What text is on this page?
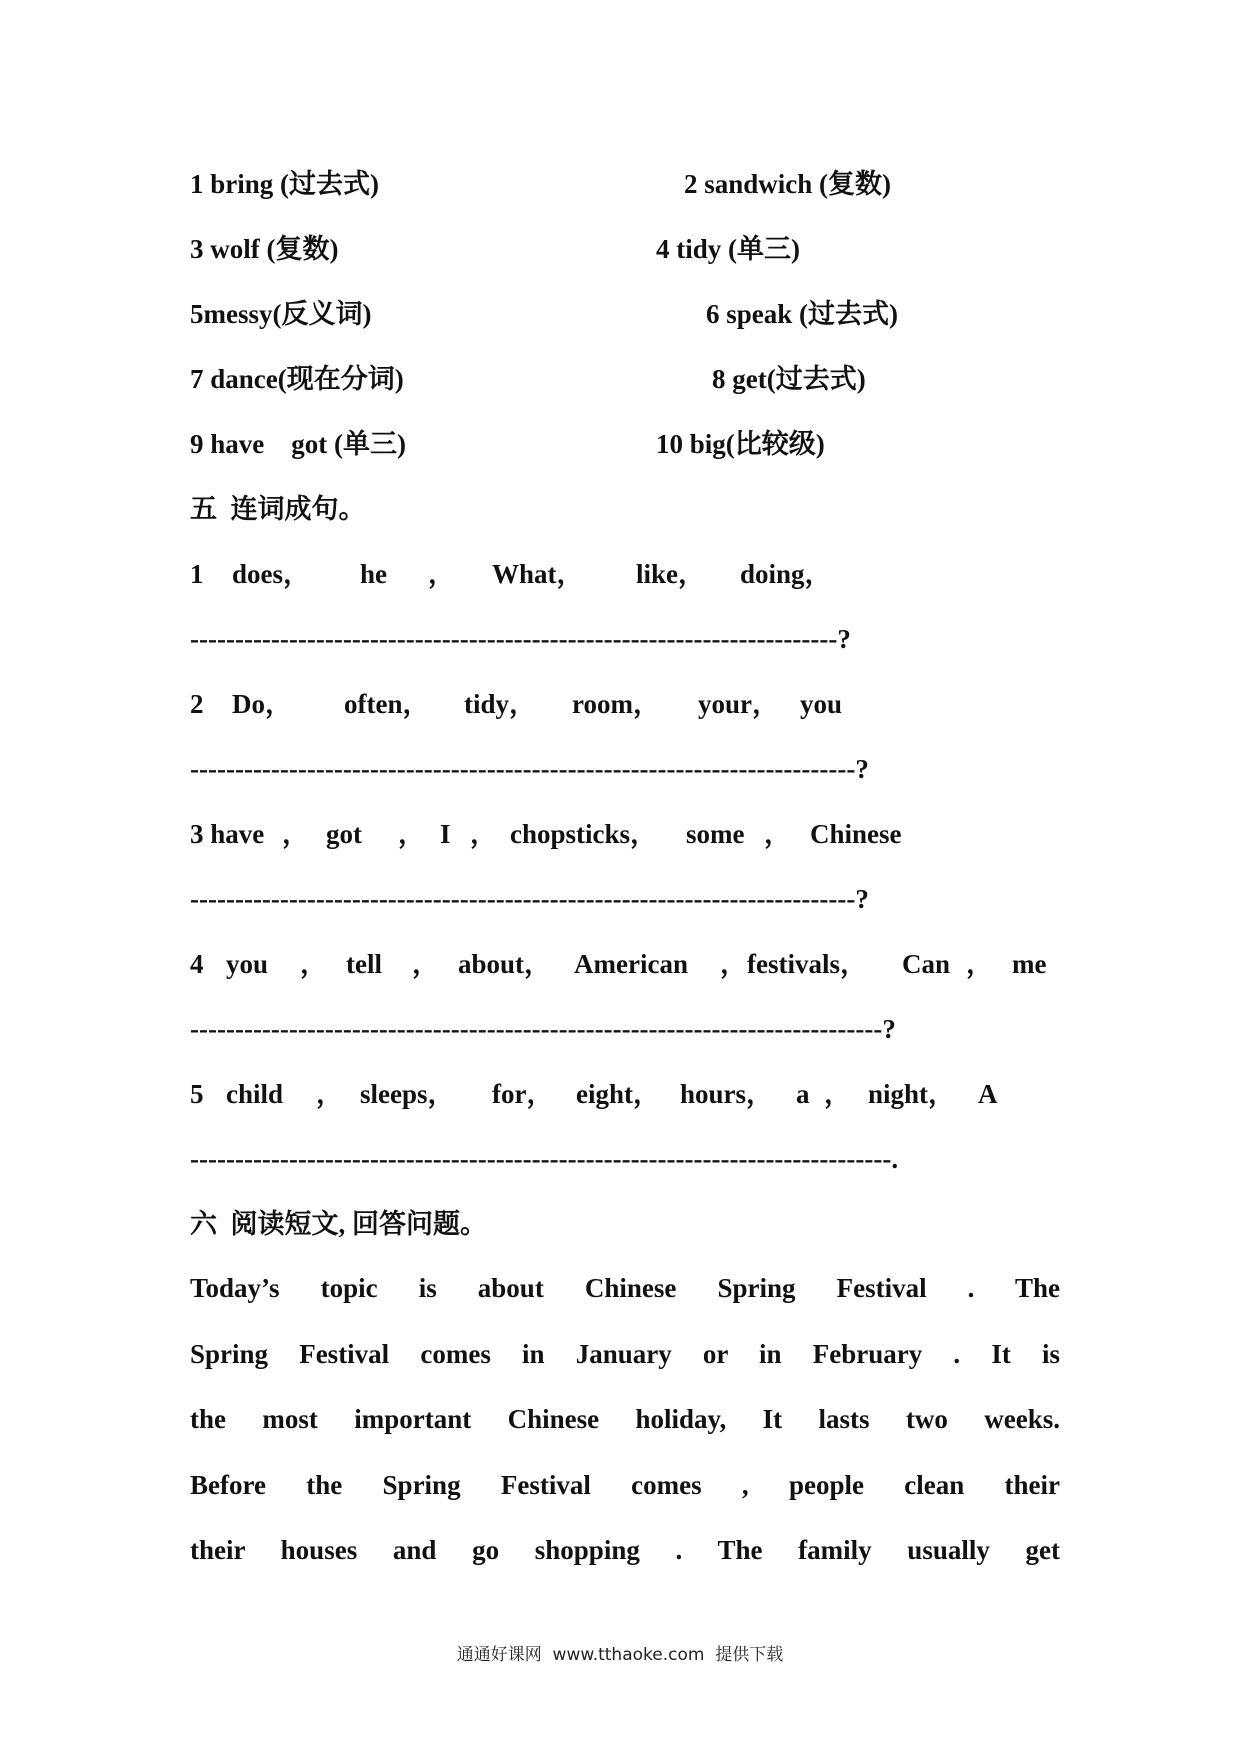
1 bring (过去式)	2 sandwich (复数)
3 wolf (复数)	4 tidy (单三)
5messy(反义词)	6 speak (过去式)
7 dance(现在分词)	8 get(过去式)
9 have    got (单三)	10 big(比较级)
五  连词成句。
1 does， he ， What， like， doing，
------------------------------------------------------------------------?
2 Do， often， tidy， room， your， you
--------------------------------------------------------------------------?
3 have ， got ， I ， chopsticks， some ， Chinese
--------------------------------------------------------------------------?
4 you ， tell ， about， American ，festivals， Can ， me
-----------------------------------------------------------------------------?
5 child ， sleeps， for， eight， hours， a ， night， A
------------------------------------------------------------------------------.
六  阅读短文, 回答问题。
Today’s topic is about Chinese Spring Festival . The
Spring Festival comes in January or in February . It is
the most important Chinese holiday, It lasts two weeks.
Before the Spring Festival comes , people clean their
their houses and go shopping . The family usually get
通通好课网  www.tthaoke.com  提供下载
